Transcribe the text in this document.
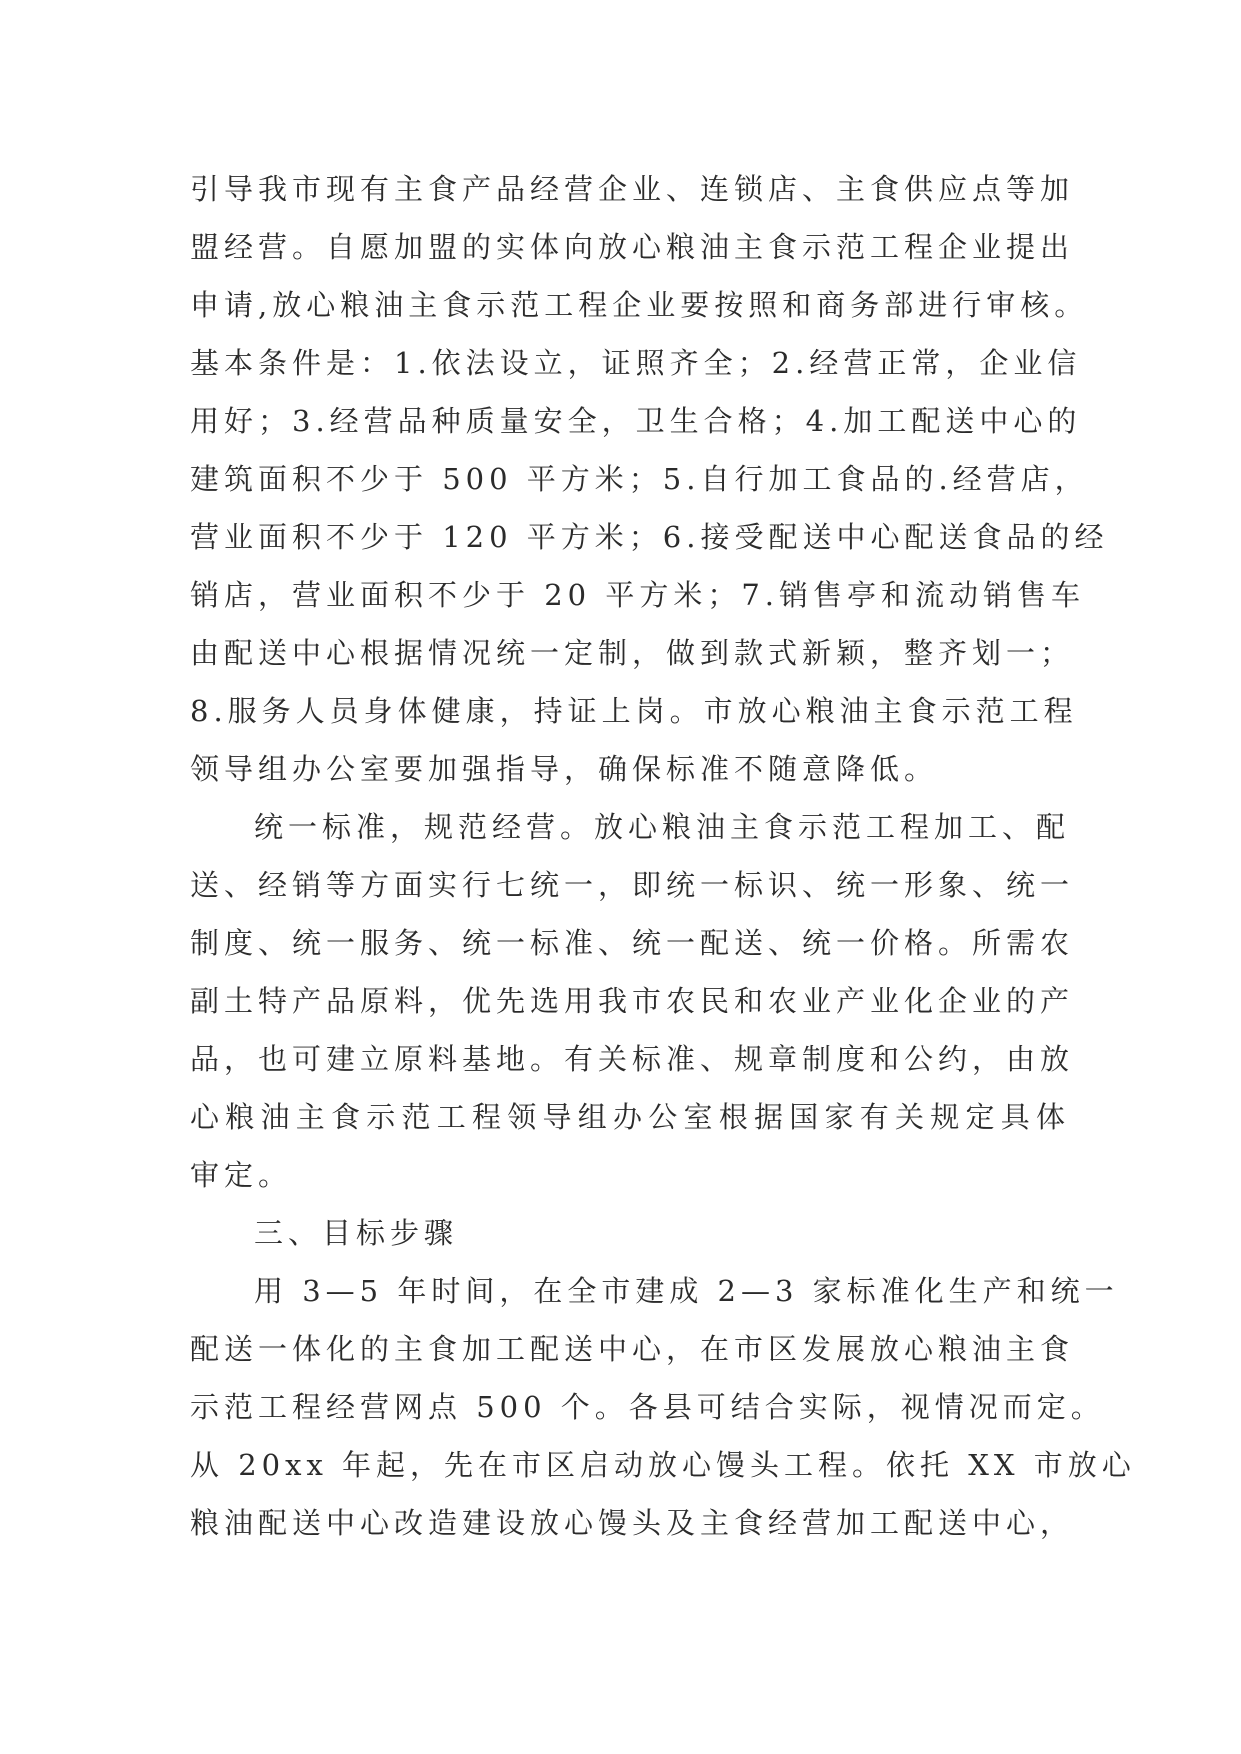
引导我市现有主食产品经营企业、连锁店、主食供应点等加
盟经营。自愿加盟的实体向放心粮油主食示范工程企业提出
申请,放心粮油主食示范工程企业要按照和商务部进行审核。
基本条件是：1.依法设立，证照齐全；2.经营正常，企业信
用好；3.经营品种质量安全，卫生合格；4.加工配送中心的
建筑面积不少于 500 平方米；5.自行加工食品的.经营店，
营业面积不少于 120 平方米；6.接受配送中心配送食品的经
销店，营业面积不少于 20 平方米；7.销售亭和流动销售车
由配送中心根据情况统一定制，做到款式新颖，整齐划一；
8.服务人员身体健康，持证上岗。市放心粮油主食示范工程
领导组办公室要加强指导，确保标准不随意降低。
统一标准，规范经营。放心粮油主食示范工程加工、配
送、经销等方面实行七统一，即统一标识、统一形象、统一
制度、统一服务、统一标准、统一配送、统一价格。所需农
副土特产品原料，优先选用我市农民和农业产业化企业的产
品，也可建立原料基地。有关标准、规章制度和公约，由放
心粮油主食示范工程领导组办公室根据国家有关规定具体
审定。
三、目标步骤
用 3—5 年时间，在全市建成 2—3 家标准化生产和统一
配送一体化的主食加工配送中心，在市区发展放心粮油主食
示范工程经营网点 500 个。各县可结合实际，视情况而定。
从 20xx 年起，先在市区启动放心馒头工程。依托 XX 市放心
粮油配送中心改造建设放心馒头及主食经营加工配送中心，
